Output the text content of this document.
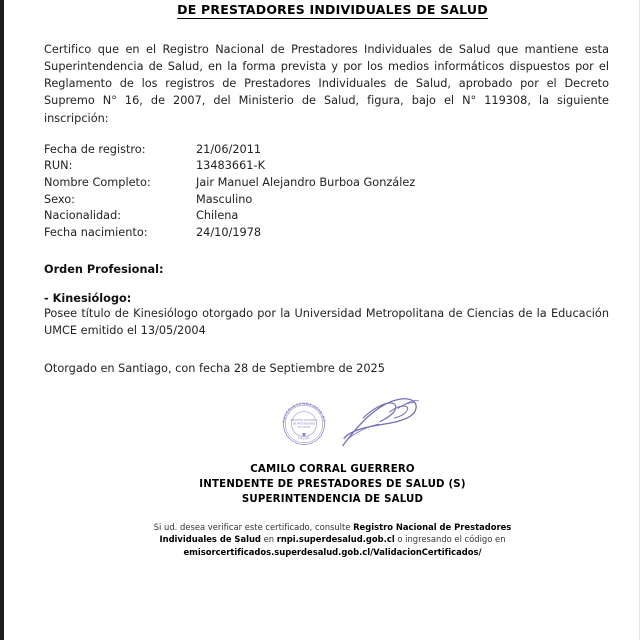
DE PRESTADORES INDIVIDUALES DE SALUD

Certifico que en el Registro Nacional de Prestadores Individuales de Salud que mantiene esta Superintendencia de Salud, en la forma prevista y por los medios informáticos dispuestos por el Reglamento de los registros de Prestadores Individuales de Salud, aprobado por el Decreto Supremo N° 16, de 2007, del Ministerio de Salud, figura, bajo el N° 119308, la siguiente inscripción:

Fecha de registro:	21/06/2011
RUN:	13483661-K
Nombre Completo:	Jair Manuel Alejandro Burboa González
Sexo:	Masculino
Nacionalidad:	Chilena
Fecha nacimiento:	24/10/1978
Orden Profesional:
- Kinesiólogo:
Posee título de Kinesiólogo otorgado por la Universidad Metropolitana de Ciencias de la Educación UMCE emitido el 13/05/2004
Otorgado en Santiago, con fecha 28 de Septiembre de 2025
SUPERINTENDENCIA DE
SALUD
REGISTRO NACIONAL
DE PRESTADORES
DE SALUD
CAMILO CORRAL GUERRERO
INTENDENTE DE PRESTADORES DE SALUD (S)
SUPERINTENDENCIA DE SALUD
Si ud. desea verificar este certificado, consulte Registro Nacional de Prestadores
Individuales de Salud en rnpi.superdesalud.gob.cl o ingresando el código en
emisorcertificados.superdesalud.gob.cl/ValidacionCertificados/
